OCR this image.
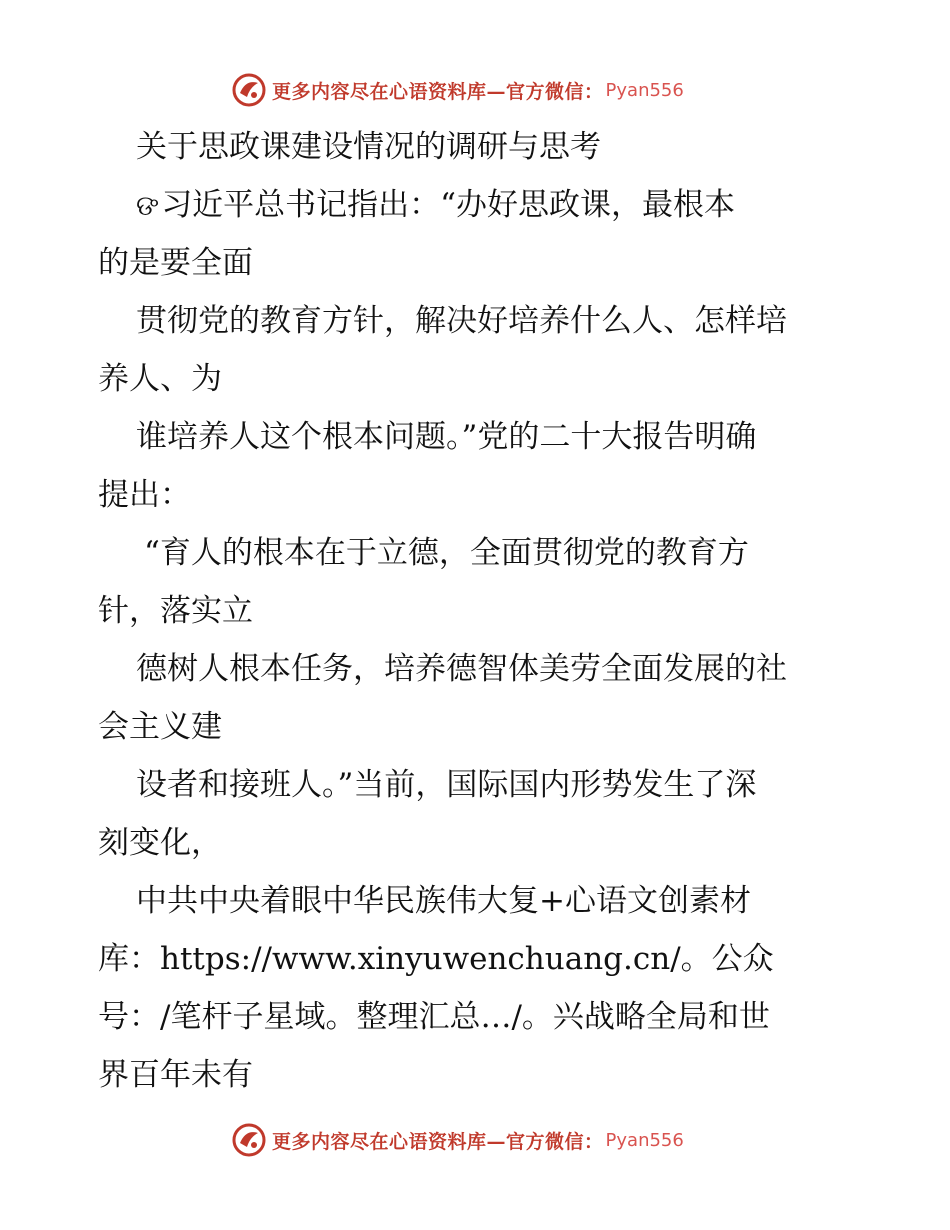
更多内容尽在心语资料库— 官方微信： Pyan556
关于思政课建设情况的调研与思考
ଙ习近平总书记指出：“办好思政课，最根本
的是要全面
贯彻党的教育方针，解决好培养什么人、怎样培
养人、为
谁培养人这个根本问题。”党的二十大报告明确
提出：
“育人的根本在于立德，全面贯彻党的教育方
针，落实立
德树人根本任务，培养德智体美劳全面发展的社
会主义建
设者和接班人。”当前，国际国内形势发生了深
刻变化，
中共中央着眼中华民族伟大复+心语文创素材
库：https://www.xinyuwenchuang.cn/。公众
号：/笔杆子星域。整理汇总…/。兴战略全局和世
界百年未有
更多内容尽在心语资料库— 官方微信： Pyan556
